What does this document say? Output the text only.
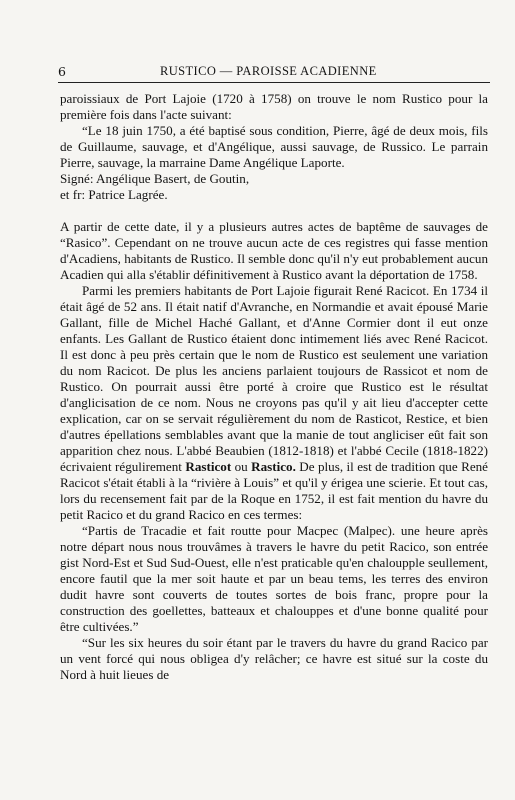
6	RUSTICO — PAROISSE ACADIENNE

paroissiaux de Port Lajoie (1720 à 1758) on trouve le nom Rustico pour la première fois dans l'acte suivant:

“Le 18 juin 1750, a été baptisé sous condition, Pierre, âgé de deux mois, fils de Guillaume, sauvage, et d'Angélique, aussi sauvage, de Russico. Le parrain Pierre, sauvage, la marraine Dame Angélique Laporte.

Signé: Angélique Basert, de Goutin,

et fr: Patrice Lagrée.

A partir de cette date, il y a plusieurs autres actes de baptême de sauvages de “Rasico”. Cependant on ne trouve aucun acte de ces registres qui fasse mention d'Acadiens, habitants de Rustico. Il semble donc qu'il n'y eut probablement aucun Acadien qui alla s'établir définitivement à Rustico avant la déportation de 1758.

Parmi les premiers habitants de Port Lajoie figurait René Racicot. En 1734 il était âgé de 52 ans. Il était natif d'Avranche, en Normandie et avait épousé Marie Gallant, fille de Michel Haché Gallant, et d'Anne Cormier dont il eut onze enfants. Les Gallant de Rustico étaient donc intimement liés avec René Racicot. Il est donc à peu près certain que le nom de Rustico est seulement une variation du nom Racicot. De plus les anciens parlaient toujours de Rassicot et nom de Rustico. On pourrait aussi être porté à croire que Rustico est le résultat d'anglicisation de ce nom. Nous ne croyons pas qu'il y ait lieu d'accepter cette explication, car on se servait régulièrement du nom de Rasticot, Restice, et bien d'autres épellations semblables avant que la manie de tout angliciser eût fait son apparition chez nous. L'abbé Beaubien (1812-1818) et l'abbé Cecile (1818-1822) écrivaient régulirement Rasticot ou Rastico. De plus, il est de tradition que René Racicot s'était établi à la “rivière à Louis” et qu'il y érigea une scierie. Et tout cas, lors du recensement fait par de la Roque en 1752, il est fait mention du havre du petit Racico et du grand Racico en ces termes:

“Partis de Tracadie et fait routte pour Macpec (Malpec). une heure après notre départ nous nous trouvâmes à travers le havre du petit Racico, son entrée gist Nord-Est et Sud Sud-Ouest, elle n'est praticable qu'en chaloupple seullement, encore fautil que la mer soit haute et par un beau tems, les terres des environ dudit havre sont couverts de toutes sortes de bois franc, propre pour la construction des goellettes, batteaux et chalouppes et d'une bonne qualité pour être cultivées.”

“Sur les six heures du soir étant par le travers du havre du grand Racico par un vent forcé qui nous obligea d'y relâcher; ce havre est situé sur la coste du Nord à huit lieues de
